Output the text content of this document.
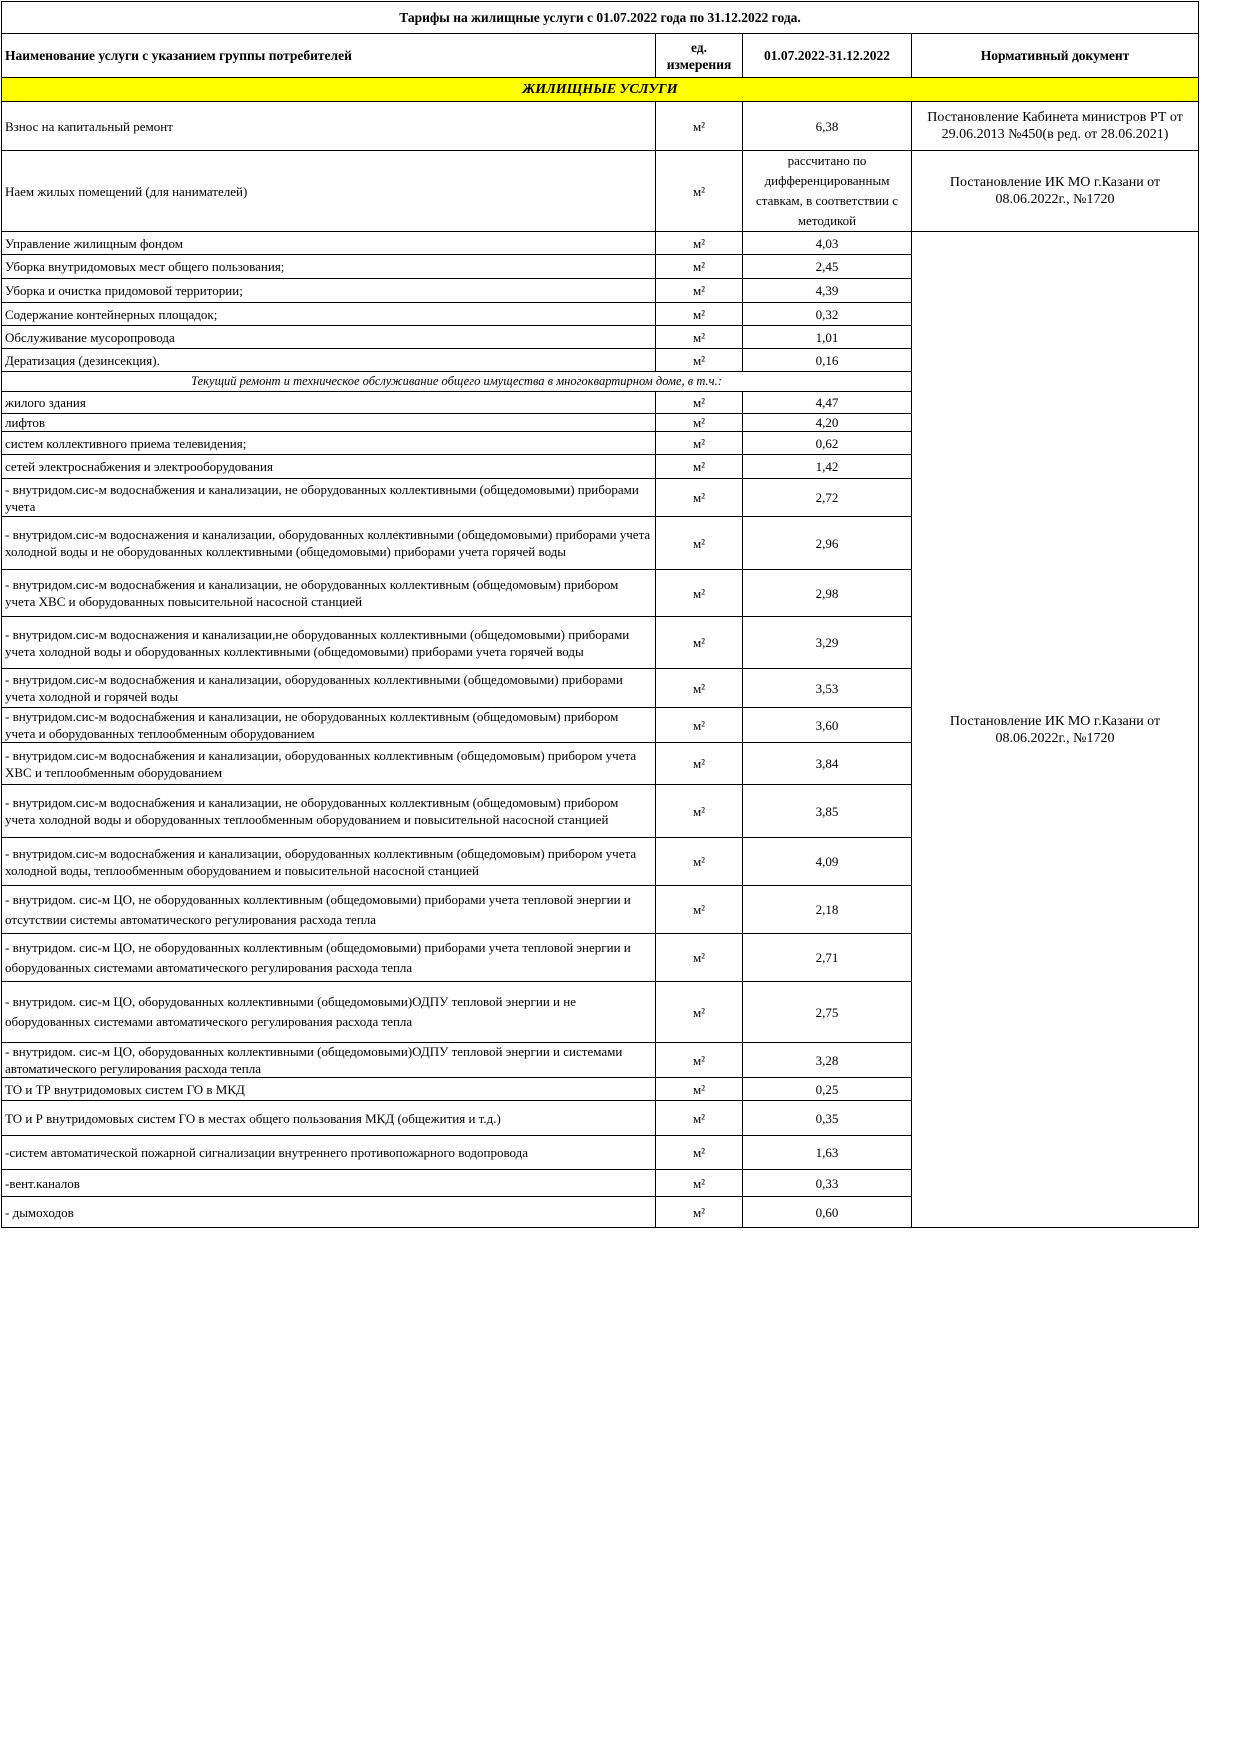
Тарифы на жилищные услуги с 01.07.2022 года по 31.12.2022 года.			
Наименование услуги с указанием группы потребителей	ед. измерения	01.07.2022-31.12.2022	Нормативный документ
ЖИЛИЩНЫЕ УСЛУГИ			
Взнос на капитальный ремонт	м²	6,38	Постановление Кабинета министров РТ от 29.06.2013 №450(в ред. от 28.06.2021)
Наем жилых помещений (для нанимателей)	м²	рассчитано по дифференцированным ставкам, в соответствии с методикой	Постановление ИК МО г.Казани от 08.06.2022г., №1720
Управление жилищным фондом	м²	4,03	Постановление ИК МО г.Казани от 08.06.2022г., №1720
Уборка внутридомовых мест общего пользования;	м²	2,45	
Уборка и очистка придомовой территории;	м²	4,39	
Содержание контейнерных площадок;	м²	0,32	
Обслуживание мусоропровода	м²	1,01	
Дератизация (дезинсекция).	м²	0,16	
Текущий ремонт и техническое обслуживание общего имущества в многоквартирном доме, в т.ч.:			
жилого здания	м²	4,47	
лифтов	м²	4,20	
систем коллективного приема телевидения;	м²	0,62	
сетей электроснабжения и электрооборудования	м²	1,42	
- внутридом.сис-м водоснабжения и канализации, не оборудованных коллективными (общедомовыми) приборами учета	м²	2,72	
- внутридом.сис-м водоснажения и канализации, оборудованных коллективными (общедомовыми) приборами учета холодной воды и не оборудованных коллективными (общедомовыми) приборами учета горячей воды	м²	2,96	
- внутридом.сис-м водоснабжения и канализации, не оборудованных коллективным (общедомовым) прибором учета ХВС и оборудованных повысительной насосной станцией	м²	2,98	
- внутридом.сис-м водоснажения и канализации,не оборудованных коллективными (общедомовыми) приборами учета холодной воды и оборудованных коллективными (общедомовыми) приборами учета горячей воды	м²	3,29	
- внутридом.сис-м водоснабжения и канализации, оборудованных коллективными (общедомовыми) приборами учета холодной и горячей воды	м²	3,53	
- внутридом.сис-м водоснабжения и канализации, не оборудованных коллективным (общедомовым) прибором учета и оборудованных теплообменным оборудованием	м²	3,60	
- внутридом.сис-м водоснабжения и канализации, оборудованных коллективным (общедомовым) прибором учета ХВС и теплообменным оборудованием	м²	3,84	
- внутридом.сис-м водоснабжения и канализации, не оборудованных коллективным (общедомовым) прибором учета холодной воды и оборудованных теплообменным оборудованием и повысительной насосной станцией	м²	3,85	
- внутридом.сис-м водоснабжения и канализации, оборудованных коллективным (общедомовым) прибором учета холодной воды, теплообменным оборудованием и повысительной насосной станцией	м²	4,09	
- внутридом. сис-м ЦО, не оборудованных коллективным (общедомовыми) приборами учета тепловой энергии и отсутствии системы автоматического регулирования расхода тепла	м²	2,18	
- внутридом. сис-м ЦО, не оборудованных коллективным (общедомовыми) приборами учета тепловой энергии и оборудованных системами автоматического регулирования расхода тепла	м²	2,71	
- внутридом. сис-м ЦО, оборудованных коллективными (общедомовыми)ОДПУ тепловой энергии и не оборудованных системами автоматического регулирования расхода тепла	м²	2,75	
- внутридом. сис-м ЦО, оборудованных коллективными (общедомовыми)ОДПУ тепловой энергии и системами автоматического регулирования расхода тепла	м²	3,28	
ТО и ТР внутридомовых систем ГО в МКД	м²	0,25	
ТО и Р внутридомовых систем ГО в местах общего пользования МКД (общежития и т.д.)	м²	0,35	
-систем автоматической пожарной сигнализации внутреннего противопожарного водопровода	м²	1,63	
-вент.каналов	м²	0,33	
- дымоходов	м²	0,60	
